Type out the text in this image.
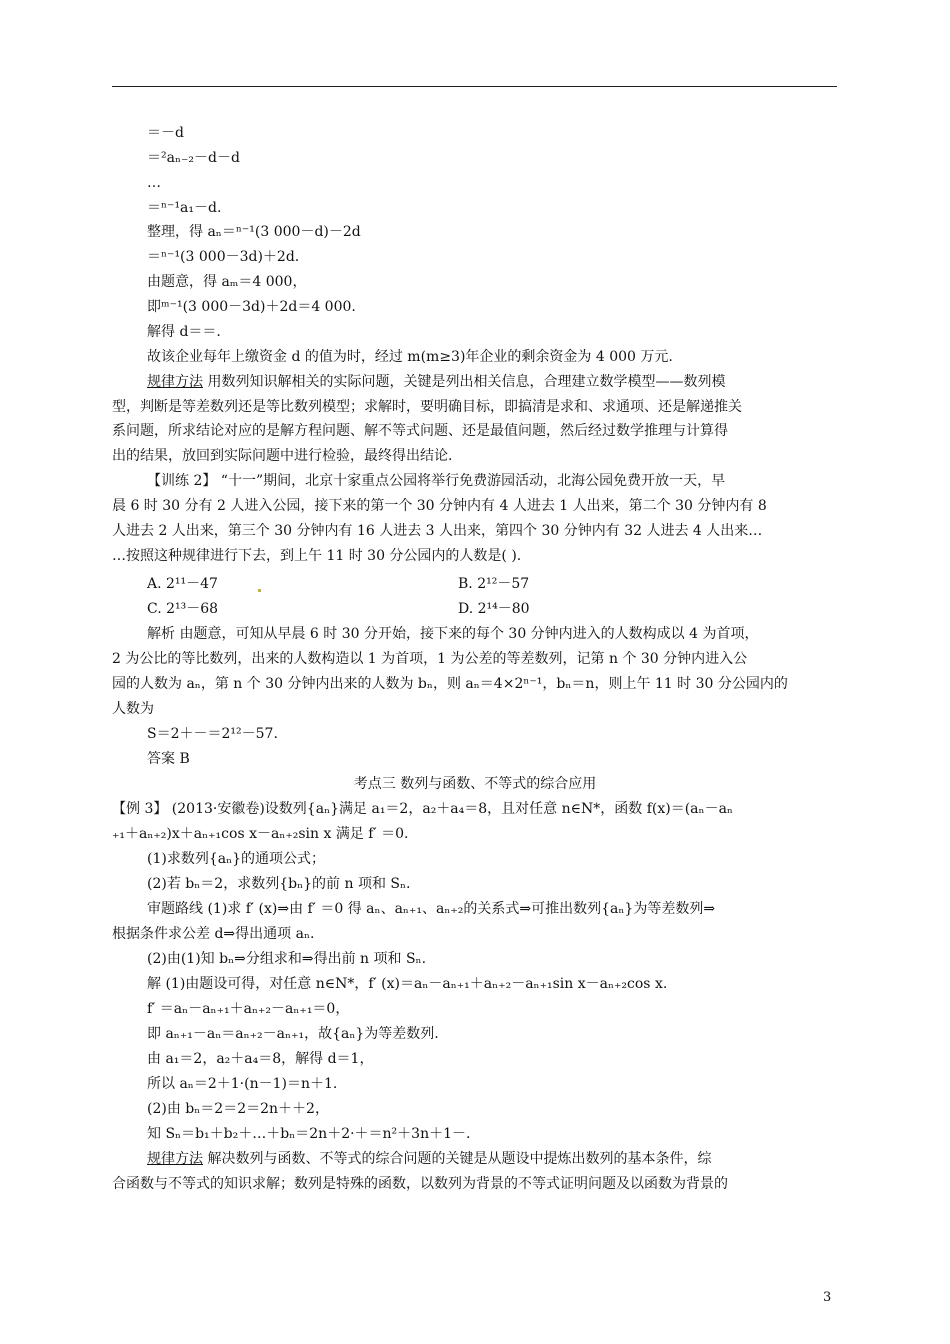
＝－d
＝²aₙ₋₂－d－d
…
＝ⁿ⁻¹a₁－d.
整理，得 aₙ＝ⁿ⁻¹(3 000－d)－2d
＝ⁿ⁻¹(3 000－3d)＋2d.
由题意，得 aₘ＝4 000，
即ᵐ⁻¹(3 000－3d)＋2d＝4 000.
解得 d＝＝.
故该企业每年上缴资金 d 的值为时，经过 m(m≥3)年企业的剩余资金为 4 000 万元.
规律方法 用数列知识解相关的实际问题，关键是列出相关信息，合理建立数学模型——数列模
型，判断是等差数列还是等比数列模型；求解时，要明确目标，即搞清是求和、求通项、还是解递推关
系问题，所求结论对应的是解方程问题、解不等式问题、还是最值问题，然后经过数学推理与计算得
出的结果，放回到实际问题中进行检验，最终得出结论.
【训练 2】 “十一”期间，北京十家重点公园将举行免费游园活动，北海公园免费开放一天，早
晨 6 时 30 分有 2 人进入公园，接下来的第一个 30 分钟内有 4 人进去 1 人出来，第二个 30 分钟内有 8
人进去 2 人出来，第三个 30 分钟内有 16 人进去 3 人出来，第四个 30 分钟内有 32 人进去 4 人出来…
…按照这种规律进行下去，到上午 11 时 30 分公园内的人数是( ).
A. 2¹¹－47	B. 2¹²－57
C. 2¹³－68	D. 2¹⁴－80
解析 由题意，可知从早晨 6 时 30 分开始，接下来的每个 30 分钟内进入的人数构成以 4 为首项，
2 为公比的等比数列，出来的人数构造以 1 为首项，1 为公差的等差数列，记第 n 个 30 分钟内进入公
园的人数为 aₙ，第 n 个 30 分钟内出来的人数为 bₙ，则 aₙ＝4×2ⁿ⁻¹，bₙ＝n，则上午 11 时 30 分公园内的
人数为
S＝2＋－＝2¹²－57.
答案 B
考点三 数列与函数、不等式的综合应用
【例 3】 (2013·安徽卷)设数列{aₙ}满足 a₁＝2，a₂＋a₄＝8，且对任意 n∈N*，函数 f(x)＝(aₙ－aₙ
₊₁＋aₙ₊₂)x＋aₙ₊₁cos x－aₙ₊₂sin x 满足 f′ ＝0.
(1)求数列{aₙ}的通项公式；
(2)若 bₙ＝2，求数列{bₙ}的前 n 项和 Sₙ.
审题路线 (1)求 f′ (x)⇒由 f′ ＝0 得 aₙ、aₙ₊₁、aₙ₊₂的关系式⇒可推出数列{aₙ}为等差数列⇒
根据条件求公差 d⇒得出通项 aₙ.
(2)由(1)知 bₙ⇒分组求和⇒得出前 n 项和 Sₙ.
解 (1)由题设可得，对任意 n∈N*，f′ (x)＝aₙ－aₙ₊₁＋aₙ₊₂－aₙ₊₁sin x－aₙ₊₂cos x.
f′ ＝aₙ－aₙ₊₁＋aₙ₊₂－aₙ₊₁＝0，
即 aₙ₊₁－aₙ＝aₙ₊₂－aₙ₊₁，故{aₙ}为等差数列.
由 a₁＝2，a₂＋a₄＝8，解得 d＝1，
所以 aₙ＝2＋1·(n－1)＝n＋1.
(2)由 bₙ＝2＝2＝2n＋＋2，
知 Sₙ＝b₁＋b₂＋…＋bₙ＝2n＋2·＋＝n²＋3n＋1－.
规律方法 解决数列与函数、不等式的综合问题的关键是从题设中提炼出数列的基本条件，综
合函数与不等式的知识求解；数列是特殊的函数，以数列为背景的不等式证明问题及以函数为背景的
3
